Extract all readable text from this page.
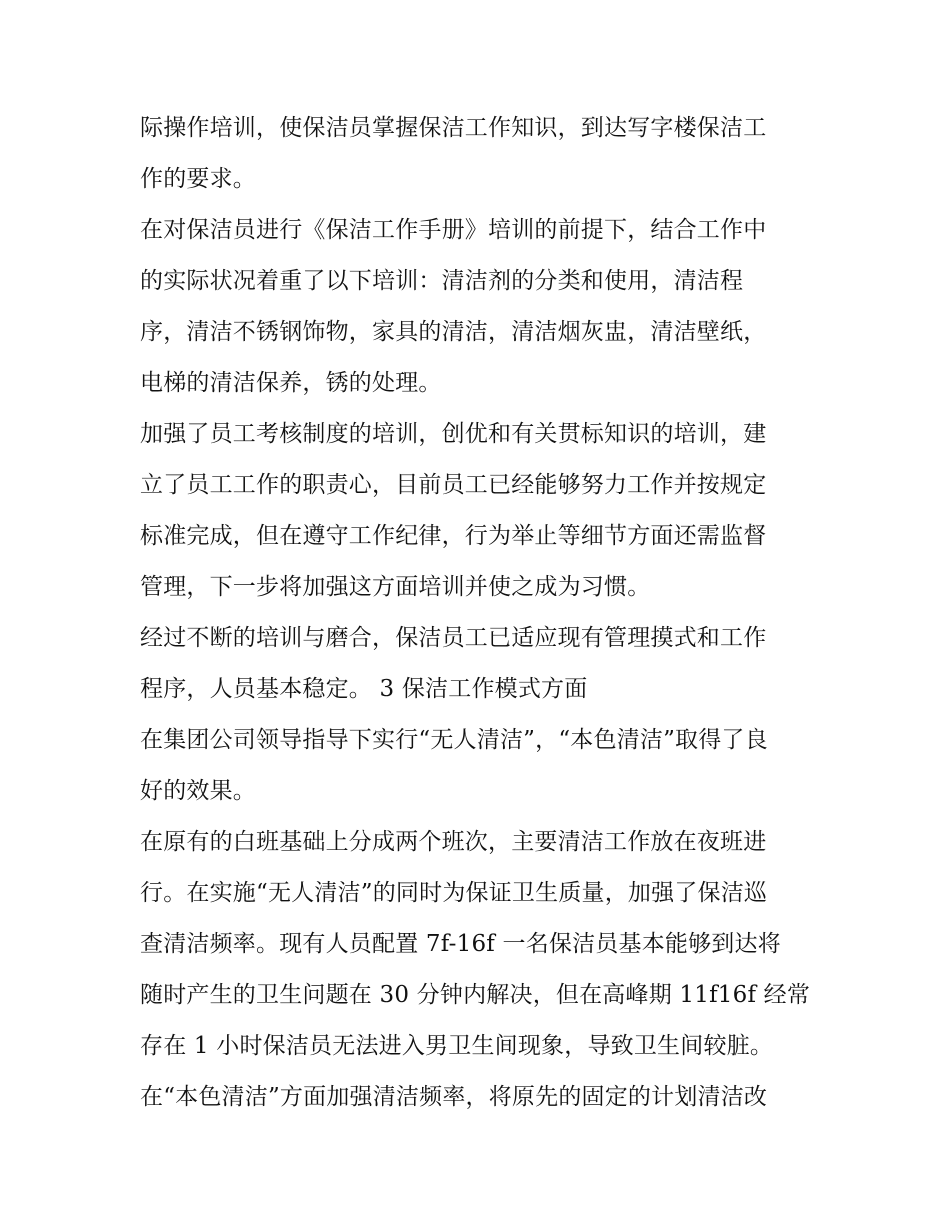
际操作培训，使保洁员掌握保洁工作知识，到达写字楼保洁工
作的要求。
在对保洁员进行《保洁工作手册》培训的前提下，结合工作中
的实际状况着重了以下培训：清洁剂的分类和使用，清洁程
序，清洁不锈钢饰物，家具的清洁，清洁烟灰盅，清洁壁纸，
电梯的清洁保养，锈的处理。
加强了员工考核制度的培训，创优和有关贯标知识的培训，建
立了员工工作的职责心，目前员工已经能够努力工作并按规定
标准完成，但在遵守工作纪律，行为举止等细节方面还需监督
管理，下一步将加强这方面培训并使之成为习惯。
经过不断的培训与磨合，保洁员工已适应现有管理摸式和工作
程序，人员基本稳定。 3 保洁工作模式方面
在集团公司领导指导下实行“无人清洁”，“本色清洁”取得了良
好的效果。
在原有的白班基础上分成两个班次，主要清洁工作放在夜班进
行。在实施“无人清洁”的同时为保证卫生质量，加强了保洁巡
查清洁频率。现有人员配置 7f-16f 一名保洁员基本能够到达将
随时产生的卫生问题在 30 分钟内解决，但在高峰期 11f16f 经常
存在 1 小时保洁员无法进入男卫生间现象，导致卫生间较脏。
在“本色清洁”方面加强清洁频率，将原先的固定的计划清洁改
